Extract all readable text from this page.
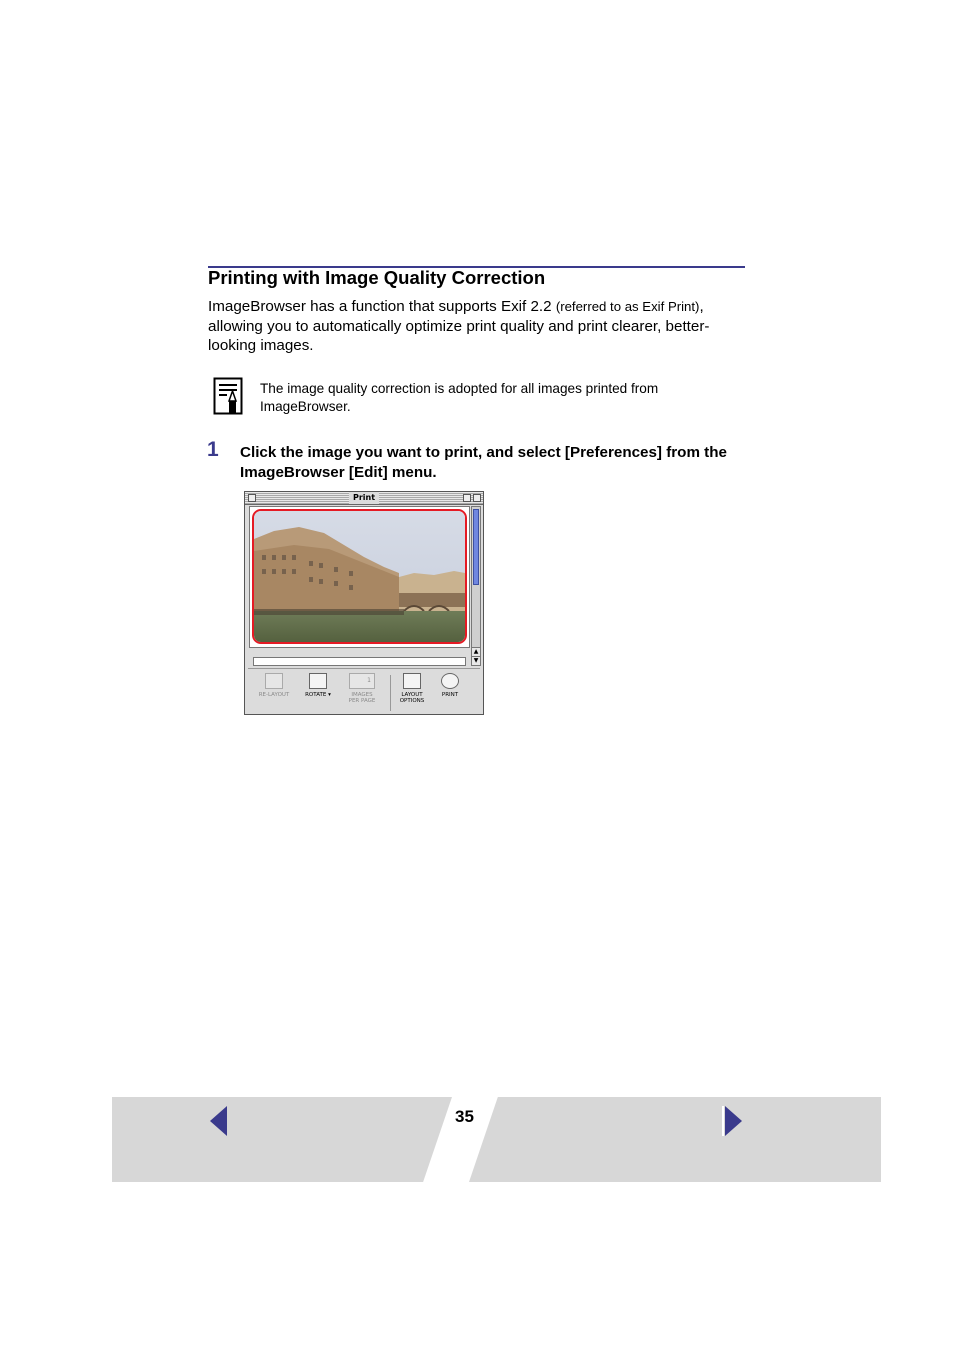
Printing with Image Quality Correction

ImageBrowser has a function that supports Exif 2.2 (referred to as Exif Print), allowing you to automatically optimize print quality and print clearer, better-looking images.

The image quality correction is adopted for all images printed from ImageBrowser.

1 Click the image you want to print, and select [Preferences] from the ImageBrowser [Edit] menu.

Print
▲
▼
RE-LAYOUT	ROTATE ▾
1
IMAGES
PER PAGE
LAYOUT
OPTIONS
PRINT
35
